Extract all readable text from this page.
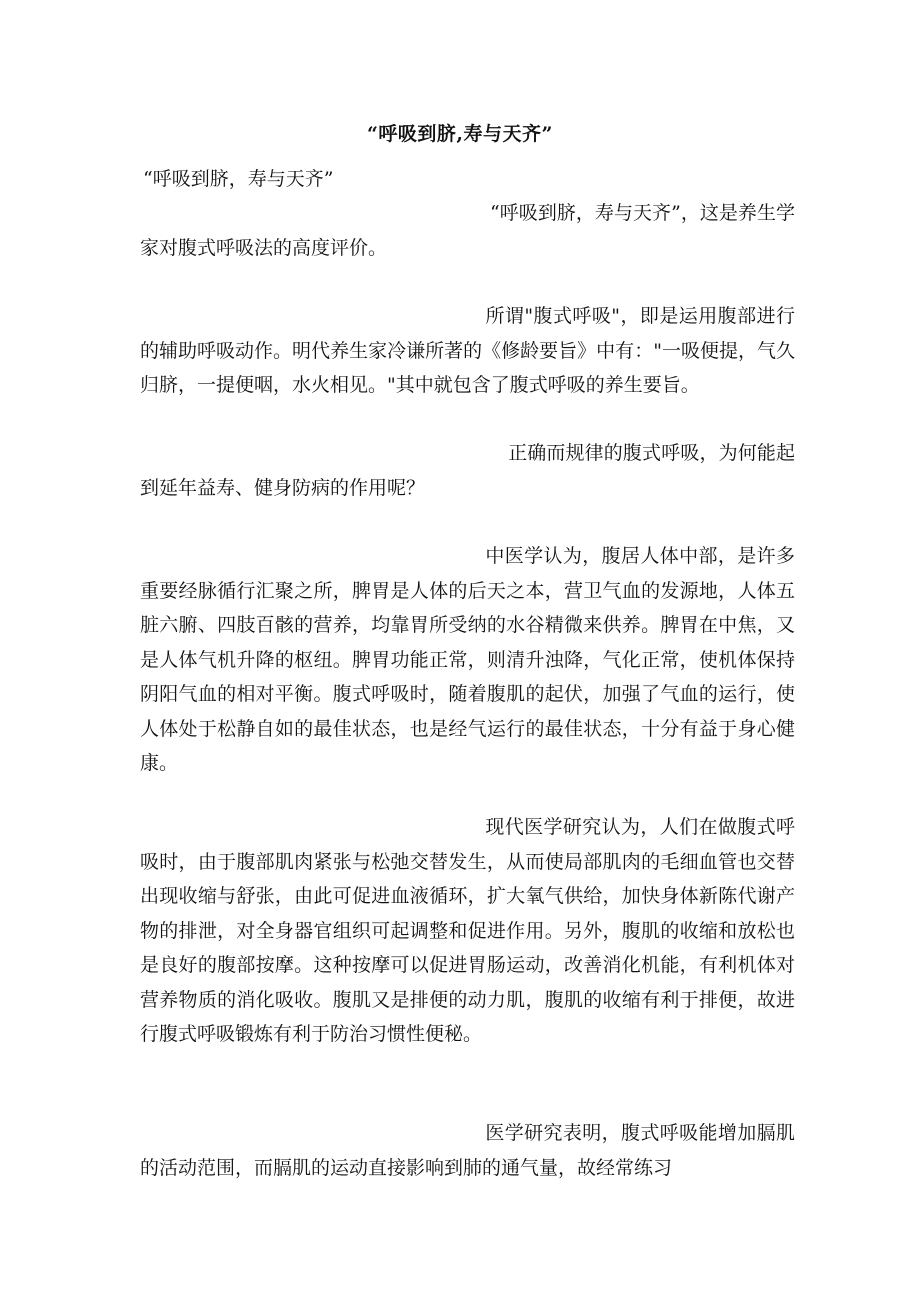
“呼吸到脐,寿与天齐”
“呼吸到脐，寿与天齐”

“呼吸到脐，寿与天齐”，这是养生学家对腹式呼吸法的高度评价。

所谓"腹式呼吸"，即是运用腹部进行的辅助呼吸动作。明代养生家冷谦所著的《修龄要旨》中有："一吸便提，气久归脐，一提便咽，水火相见。"其中就包含了腹式呼吸的养生要旨。

正确而规律的腹式呼吸，为何能起到延年益寿、健身防病的作用呢？

中医学认为，腹居人体中部，是许多重要经脉循行汇聚之所，脾胃是人体的后天之本，营卫气血的发源地，人体五脏六腑、四肢百骸的营养，均靠胃所受纳的水谷精微来供养。脾胃在中焦，又是人体气机升降的枢纽。脾胃功能正常，则清升浊降，气化正常，使机体保持阴阳气血的相对平衡。腹式呼吸时，随着腹肌的起伏，加强了气血的运行，使人体处于松静自如的最佳状态，也是经气运行的最佳状态，十分有益于身心健康。

现代医学研究认为，人们在做腹式呼吸时，由于腹部肌肉紧张与松弛交替发生，从而使局部肌肉的毛细血管也交替出现收缩与舒张，由此可促进血液循环，扩大氧气供给，加快身体新陈代谢产物的排泄，对全身器官组织可起调整和促进作用。另外，腹肌的收缩和放松也是良好的腹部按摩。这种按摩可以促进胃肠运动，改善消化机能，有利机体对营养物质的消化吸收。腹肌又是排便的动力肌，腹肌的收缩有利于排便，故进行腹式呼吸锻炼有利于防治习惯性便秘。

医学研究表明，腹式呼吸能增加膈肌的活动范围，而膈肌的运动直接影响到肺的通气量，故经常练习
